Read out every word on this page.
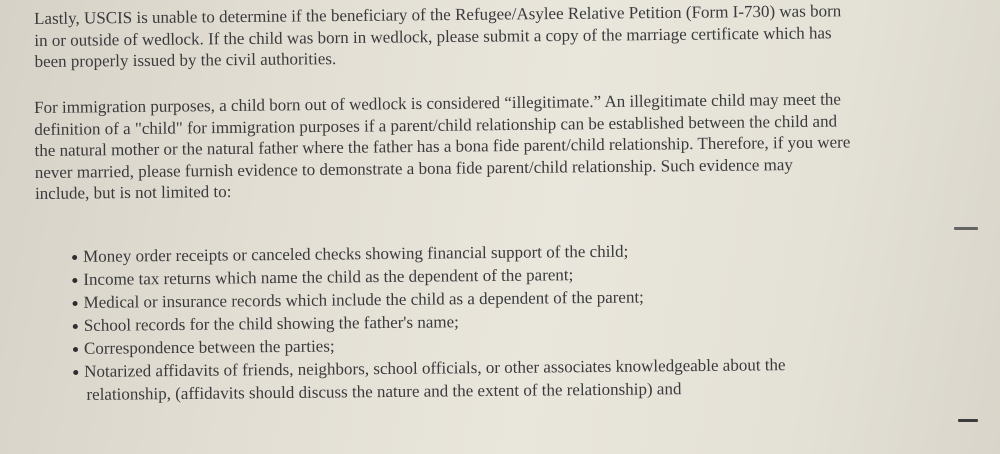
Lastly, USCIS is unable to determine if the beneficiary of the Refugee/Asylee Relative Petition (Form I-730) was born
in or outside of wedlock. If the child was born in wedlock, please submit a copy of the marriage certificate which has
been properly issued by the civil authorities.
For immigration purposes, a child born out of wedlock is considered “illegitimate.” An illegitimate child may meet the
definition of a "child" for immigration purposes if a parent/child relationship can be established between the child and
the natural mother or the natural father where the father has a bona fide parent/child relationship. Therefore, if you were
never married, please furnish evidence to demonstrate a bona fide parent/child relationship. Such evidence may
include, but is not limited to:
Money order receipts or canceled checks showing financial support of the child;
Income tax returns which name the child as the dependent of the parent;
Medical or insurance records which include the child as a dependent of the parent;
School records for the child showing the father's name;
Correspondence between the parties;
Notarized affidavits of friends, neighbors, school officials, or other associates knowledgeable about the
relationship, (affidavits should discuss the nature and the extent of the relationship) and
